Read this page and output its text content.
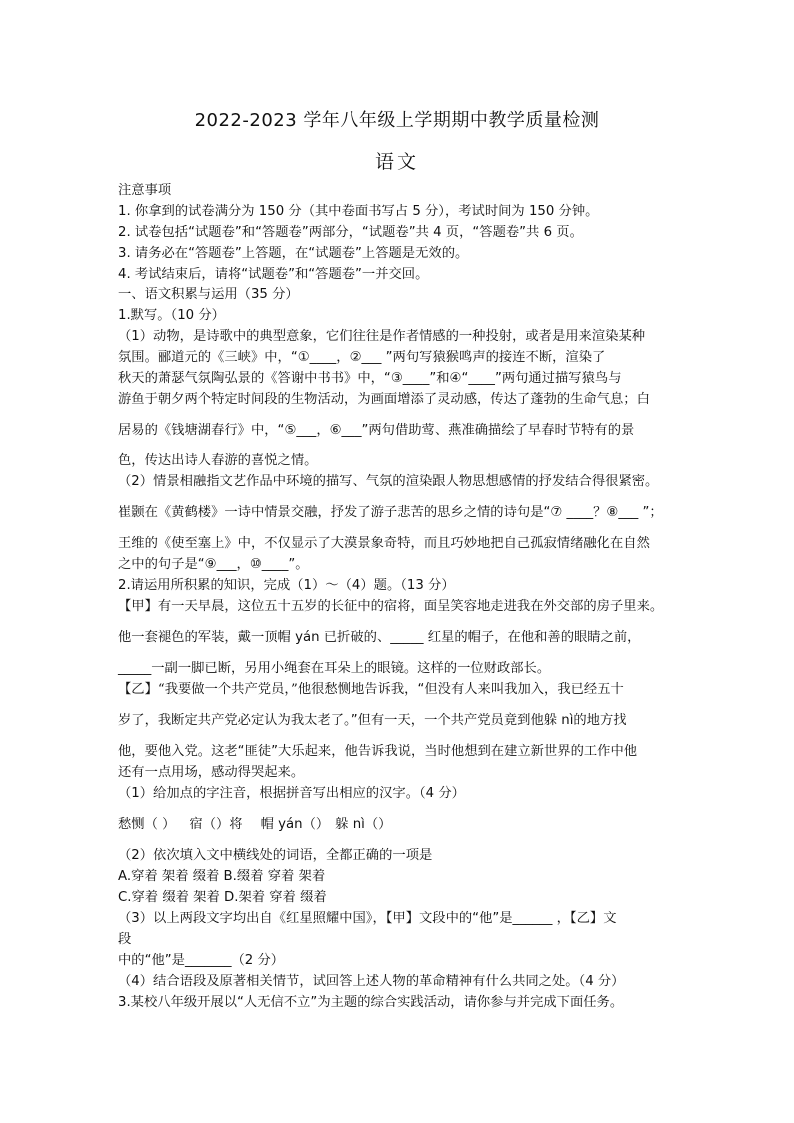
2022-2023 学年八年级上学期期中教学质量检测
语文
注意事项
1. 你拿到的试卷满分为 150 分（其中卷面书写占 5 分），考试时间为 150 分钟。
2. 试卷包括“试题卷”和“答题卷”两部分，“试题卷”共 4 页，“答题卷”共 6 页。
3. 请务必在“答题卷”上答题，在“试题卷”上答题是无效的。
4. 考试结束后，请将“试题卷”和“答题卷”一并交回。
一、语文积累与运用（35 分）
1.默写。（10 分）
（1）动物，是诗歌中的典型意象，它们往往是作者情感的一种投射，或者是用来渲染某种
氛围。郦道元的《三峡》中，“①____，②___ ”两句写猿猴鸣声的接连不断，渲染了
秋天的萧瑟气氛陶弘景的《答谢中书书》中，“③____”和④“____”两句通过描写猿鸟与
游鱼于朝夕两个特定时间段的生物活动，为画面增添了灵动感，传达了蓬勃的生命气息；白
居易的《钱塘湖春行》中，“⑤___，⑥___”两句借助莺、燕准确描绘了早春时节特有的景
色，传达出诗人春游的喜悦之情。
（2）情景相融指文艺作品中环境的描写、气氛的渲染跟人物思想感情的抒发结合得很紧密。
崔颢在《黄鹤楼》一诗中情景交融，抒发了游子悲苦的思乡之情的诗句是“⑦ ____？⑧___ ”；
王维的《使至塞上》中，不仅显示了大漠景象奇特，而且巧妙地把自己孤寂情绪融化在自然
之中的句子是“⑨___，⑩____”。
2.请运用所积累的知识，完成（1）～（4）题。（13 分）
【甲】有一天早晨，这位五十五岁的长征中的宿将，面呈笑容地走进我在外交部的房子里来。
他一套褪色的军装，戴一顶帽 yán 已折破的、_____ 红星的帽子，在他和善的眼睛之前，
_____一副一脚已断，另用小绳套在耳朵上的眼镜。这样的一位财政部长。
【乙】“我要做一个共产党员，”他很愁恻地告诉我，“但没有人来叫我加入，我已经五十
岁了，我断定共产党必定认为我太老了。”但有一天，一个共产党员竟到他躲 nì的地方找
他，要他入党。这老“匪徒”大乐起来，他告诉我说，当时他想到在建立新世界的工作中他
还有一点用场，感动得哭起来。
（1）给加点的字注音，根据拼音写出相应的汉字。（4 分）
愁恻（ ） 宿（）将 帽 yán（） 躲 nì（）
（2）依次填入文中横线处的词语，全都正确的一项是
A.穿着 架着 缀着 B.缀着 穿着 架着
C.穿着 缀着 架着 D.架着 穿着 缀着
（3）以上两段文字均出自《红星照耀中国》，【甲】文段中的“他”是______ ，【乙】文
段
中的“他”是_______（2 分）
（4）结合语段及原著相关情节，试回答上述人物的革命精神有什么共同之处。（4 分）
3.某校八年级开展以“人无信不立”为主题的综合实践活动，请你参与并完成下面任务。
